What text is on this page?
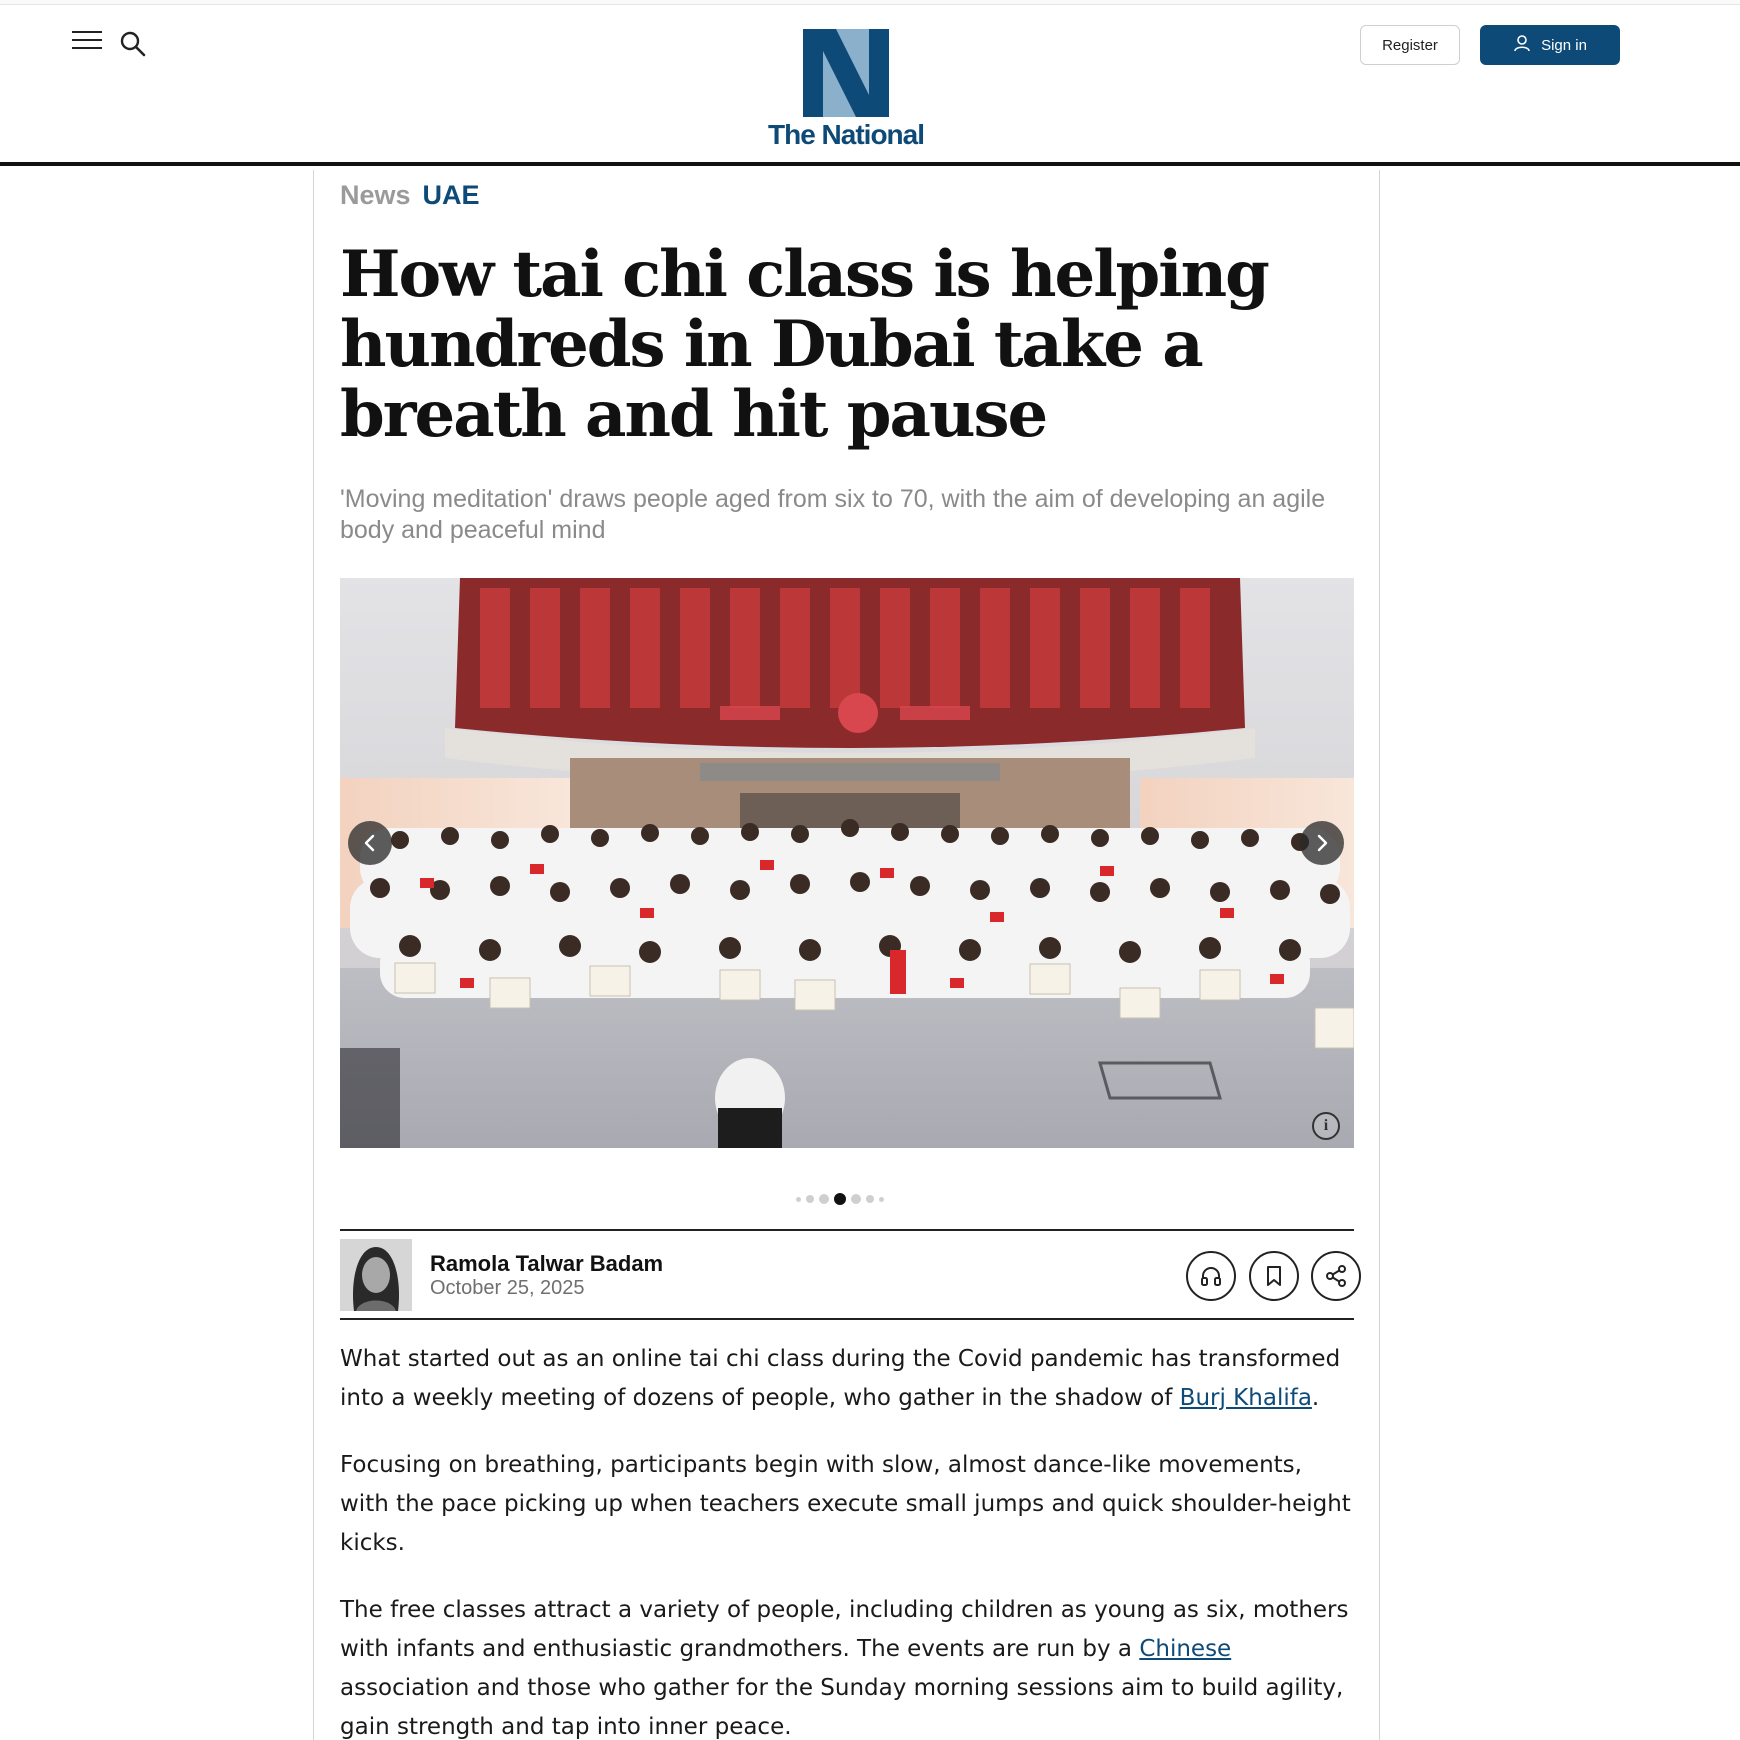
The National
Register	Sign in
News UAE
How tai chi class is helping hundreds in Dubai take a breath and hit pause

'Moving meditation' draws people aged from six to 70, with the aim of developing an agile body and peaceful mind

i
Ramola Talwar Badam
October 25, 2025

What started out as an online tai chi class during the Covid pandemic has transformed into a weekly meeting of dozens of people, who gather in the shadow of Burj Khalifa.

Focusing on breathing, participants begin with slow, almost dance-like movements, with the pace picking up when teachers execute small jumps and quick shoulder-height kicks.

The free classes attract a variety of people, including children as young as six, mothers with infants and enthusiastic grandmothers. The events are run by a Chinese association and those who gather for the Sunday morning sessions aim to build agility, gain strength and tap into inner peace.
